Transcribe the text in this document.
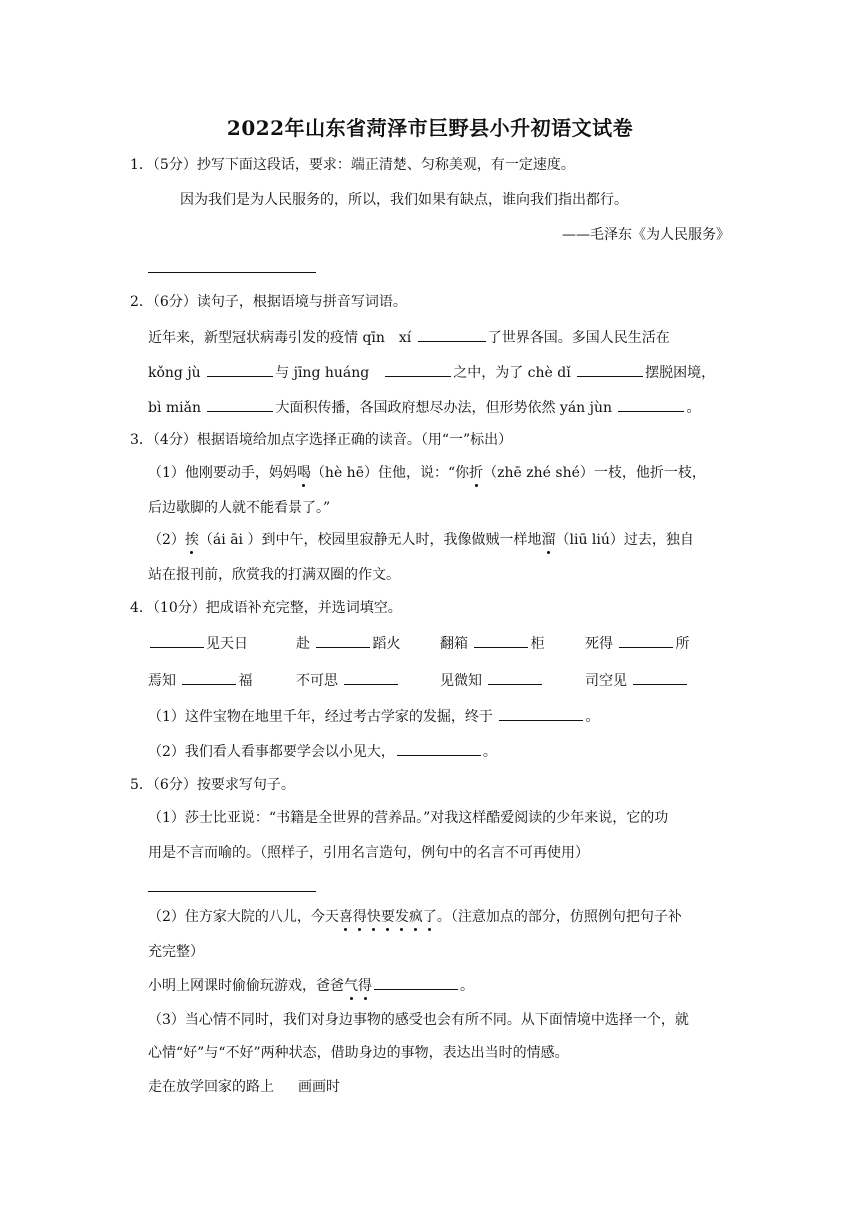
2022年山东省菏泽市巨野县小升初语文试卷
1．（5分）抄写下面这段话，要求：端正清楚、匀称美观，有一定速度。
因为我们是为人民服务的，所以，我们如果有缺点，谁向我们指出都行。
——毛泽东《为人民服务》
2．（6分）读句子，根据语境与拼音写词语。
近年来，新型冠状病毒引发的疫情 qīn　xí	了世界各国。多国人民生活在
kǒng jù	与 jīng huáng　	之中，为了 chè dǐ	摆脱困境，
bì miǎn	大面积传播，各国政府想尽办法，但形势依然 yán jùn	。
3．（4分）根据语境给加点字选择正确的读音。（用“一”标出）
（1）他刚要动手，妈妈喝（hè hē）住他，说：“你折（zhē zhé shé）一枝，他折一枝，
后边歇脚的人就不能看景了。”
（2）挨（ái āi ）到中午，校园里寂静无人时，我像做贼一样地溜（liū liú）过去，独自
站在报刊前，欣赏我的打满双圈的作文。
4．（10分）把成语补充完整，并选词填空。
见天日	赴	蹈火	翻箱	柜	死得	所
焉知	福	不可思	见微知	司空见
（1）这件宝物在地里千年，经过考古学家的发掘，终于	。
（2）我们看人看事都要学会以小见大，	。
5．（6分）按要求写句子。
（1）莎士比亚说：“书籍是全世界的营养品。”对我这样酷爱阅读的少年来说，它的功
用是不言而喻的。（照样子，引用名言造句，例句中的名言不可再使用）
（2）住方家大院的八儿，今天喜得快要发疯了。（注意加点的部分，仿照例句把句子补
充完整）
小明上网课时偷偷玩游戏，爸爸气得	。
（3）当心情不同时，我们对身边事物的感受也会有所不同。从下面情境中选择一个，就
心情“好”与“不好”两种状态，借助身边的事物，表达出当时的情感。
走在放学回家的路上 画画时
